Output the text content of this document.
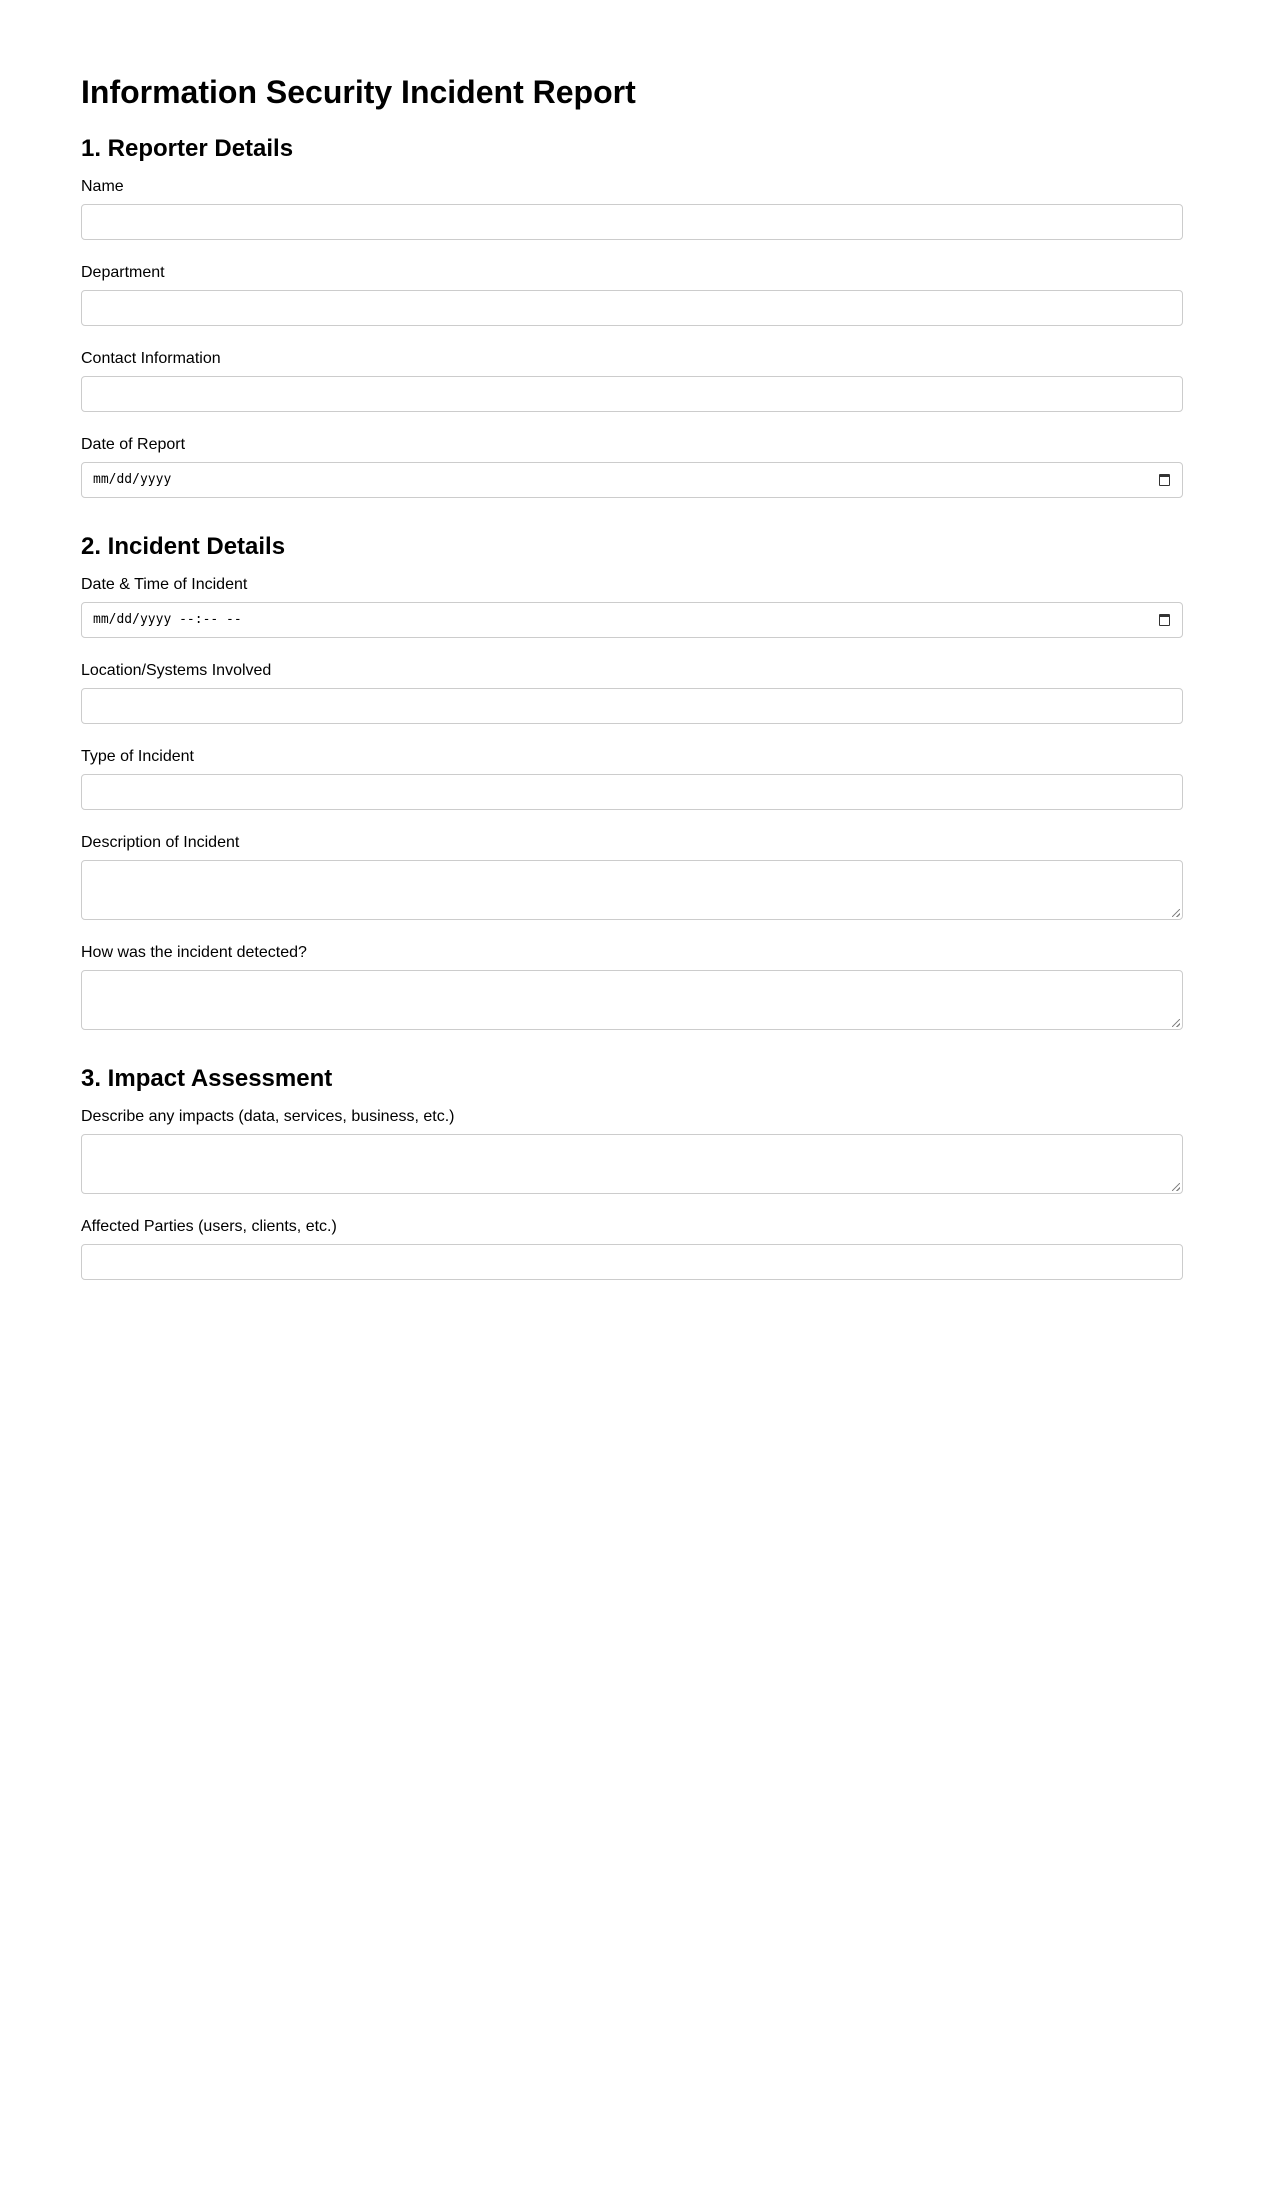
Information Security Incident Report
1. Reporter Details
Name
Department
Contact Information
Date of Report
mm/dd/yyyy
2. Incident Details
Date & Time of Incident
mm/dd/yyyy --:-- --
Location/Systems Involved
Type of Incident
Description of Incident
How was the incident detected?
3. Impact Assessment
Describe any impacts (data, services, business, etc.)
Affected Parties (users, clients, etc.)
